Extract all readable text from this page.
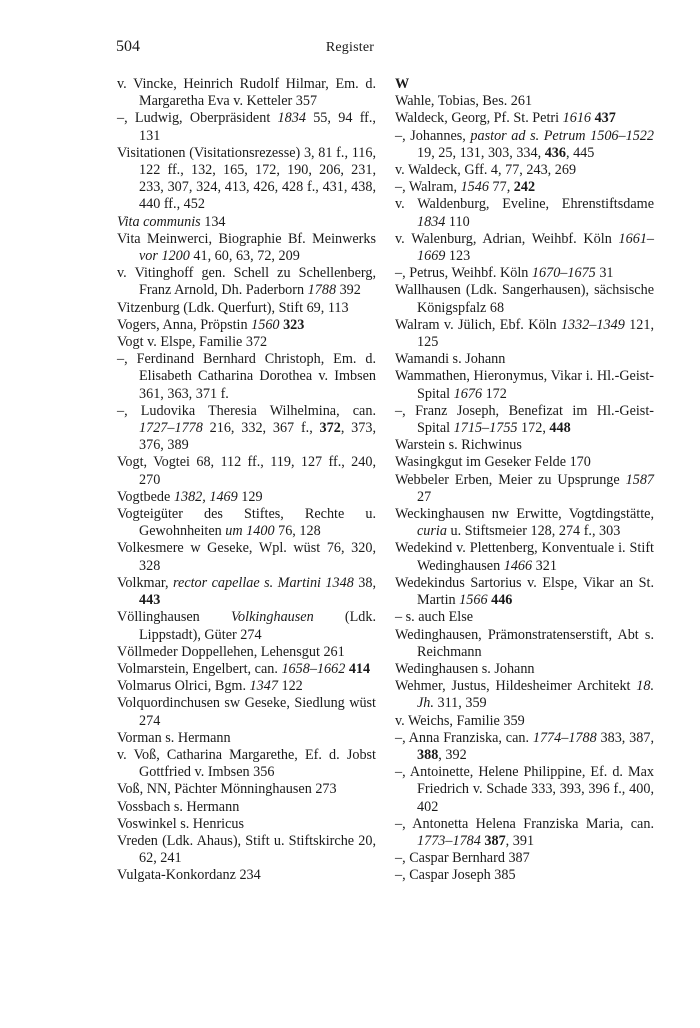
504	Register

v. Vincke, Heinrich Rudolf Hilmar, Em. d. Margaretha Eva v. Ketteler 357

–, Ludwig, Oberpräsident 1834 55, 94 ff., 131

Visitationen (Visitationsrezesse) 3, 81 f., 116, 122 ff., 132, 165, 172, 190, 206, 231, 233, 307, 324, 413, 426, 428 f., 431, 438, 440 ff., 452

Vita communis 134

Vita Meinwerci, Biographie Bf. Meinwerks vor 1200 41, 60, 63, 72, 209

v. Vitinghoff gen. Schell zu Schellenberg, Franz Arnold, Dh. Paderborn 1788 392

Vitzenburg (Ldk. Querfurt), Stift 69, 113

Vogers, Anna, Pröpstin 1560 323

Vogt v. Elspe, Familie 372

–, Ferdinand Bernhard Christoph, Em. d. Elisabeth Catharina Dorothea v. Imbsen 361, 363, 371 f.

–, Ludovika Theresia Wilhelmina, can. 1727–1778 216, 332, 367 f., 372, 373, 376, 389

Vogt, Vogtei 68, 112 ff., 119, 127 ff., 240, 270

Vogtbede 1382, 1469 129

Vogteigüter des Stiftes, Rechte u. Gewohnheiten um 1400 76, 128

Volkesmere w Geseke, Wpl. wüst 76, 320, 328

Volkmar, rector capellae s. Martini 1348 38, 443

Völlinghausen Volkinghausen (Ldk. Lippstadt), Güter 274

Völlmeder Doppellehen, Lehensgut 261

Volmarstein, Engelbert, can. 1658–1662 414

Volmarus Olrici, Bgm. 1347 122

Volquordinchusen sw Geseke, Siedlung wüst 274

Vorman s. Hermann

v. Voß, Catharina Margarethe, Ef. d. Jobst Gottfried v. Imbsen 356

Voß, NN, Pächter Mönninghausen 273

Vossbach s. Hermann

Voswinkel s. Henricus

Vreden (Ldk. Ahaus), Stift u. Stiftskirche 20, 62, 241

Vulgata-Konkordanz 234

W

Wahle, Tobias, Bes. 261

Waldeck, Georg, Pf. St. Petri 1616 437

–, Johannes, pastor ad s. Petrum 1506–1522 19, 25, 131, 303, 334, 436, 445

v. Waldeck, Gff. 4, 77, 243, 269

–, Walram, 1546 77, 242

v. Waldenburg, Eveline, Ehrenstiftsdame 1834 110

v. Walenburg, Adrian, Weihbf. Köln 1661–1669 123

–, Petrus, Weihbf. Köln 1670–1675 31

Wallhausen (Ldk. Sangerhausen), sächsische Königspfalz 68

Walram v. Jülich, Ebf. Köln 1332–1349 121, 125

Wamandi s. Johann

Wammathen, Hieronymus, Vikar i. Hl.-Geist-Spital 1676 172

–, Franz Joseph, Benefizat im Hl.-Geist-Spital 1715–1755 172, 448

Warstein s. Richwinus

Wasingkgut im Geseker Felde 170

Webbeler Erben, Meier zu Upsprunge 1587 27

Weckinghausen nw Erwitte, Vogtdingstätte, curia u. Stiftsmeier 128, 274 f., 303

Wedekind v. Plettenberg, Konventuale i. Stift Wedinghausen 1466 321

Wedekindus Sartorius v. Elspe, Vikar an St. Martin 1566 446

– s. auch Else

Wedinghausen, Prämonstratenserstift, Abt s. Reichmann

Wedinghausen s. Johann

Wehmer, Justus, Hildesheimer Architekt 18. Jh. 311, 359

v. Weichs, Familie 359

–, Anna Franziska, can. 1774–1788 383, 387, 388, 392

–, Antoinette, Helene Philippine, Ef. d. Max Friedrich v. Schade 333, 393, 396 f., 400, 402

–, Antonetta Helena Franziska Maria, can. 1773–1784 387, 391

–, Caspar Bernhard 387

–, Caspar Joseph 385
